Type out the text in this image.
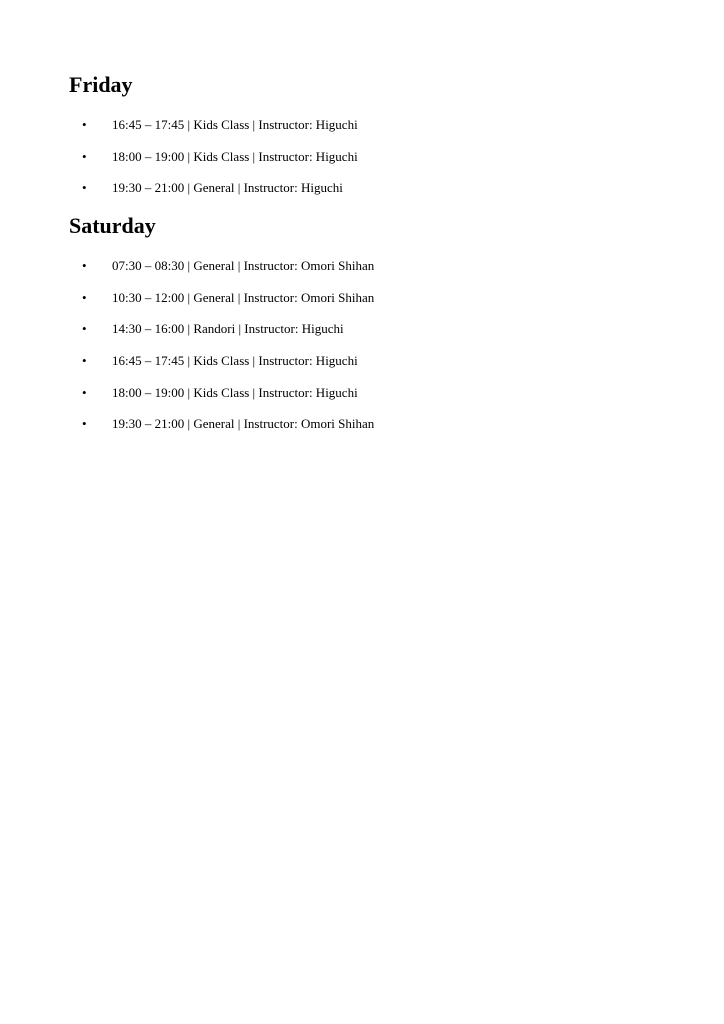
Friday
• 16:45 – 17:45 | Kids Class | Instructor: Higuchi
• 18:00 – 19:00 | Kids Class | Instructor: Higuchi
• 19:30 – 21:00 | General | Instructor: Higuchi
Saturday
• 07:30 – 08:30 | General | Instructor: Omori Shihan
• 10:30 – 12:00 | General | Instructor: Omori Shihan
• 14:30 – 16:00 | Randori | Instructor: Higuchi
• 16:45 – 17:45 | Kids Class | Instructor: Higuchi
• 18:00 – 19:00 | Kids Class | Instructor: Higuchi
• 19:30 – 21:00 | General | Instructor: Omori Shihan
